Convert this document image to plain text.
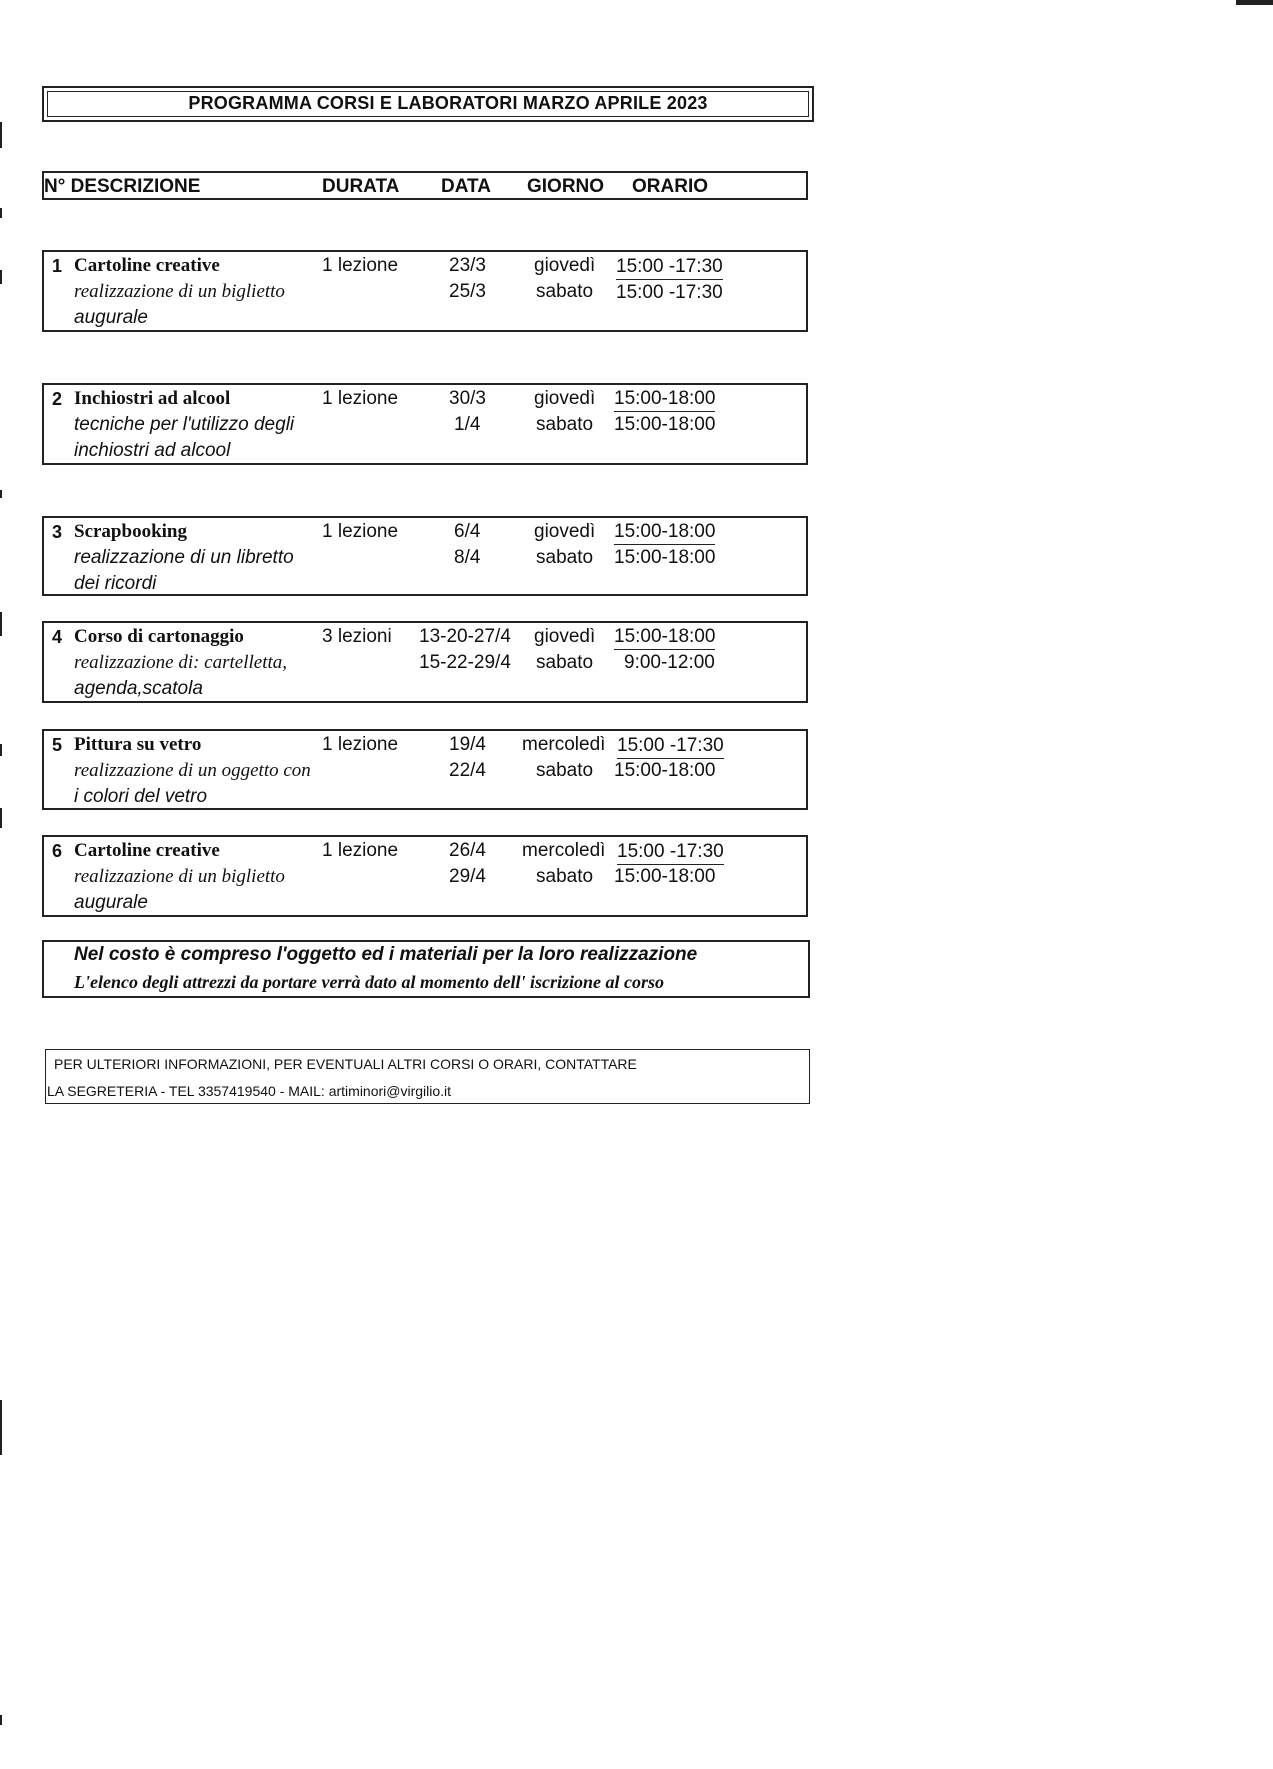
PROGRAMMA CORSI E LABORATORI MARZO APRILE 2023
N° DESCRIZIONE	DURATA DATA GIORNO ORARIO
1 Cartoline creative
realizzazione di un biglietto
augurale
1 lezione	23/3	giovedì 15:00 -17:30
25/3	sabato 15:00 -17:30
2 Inchiostri ad alcool
tecniche per l'utilizzo degli
inchiostri ad alcool
1 lezione	30/3	giovedì 15:00-18:00
1/4	sabato 15:00-18:00
3 Scrapbooking
realizzazione di un libretto
dei ricordi
1 lezione	6/4	giovedì 15:00-18:00
8/4	sabato 15:00-18:00
4 Corso di cartonaggio
realizzazione di: cartelletta,
agenda,scatola
3 lezioni 13-20-27/4 giovedì 15:00-18:00
15-22-29/4 sabato 9:00-12:00
5 Pittura su vetro
realizzazione di un oggetto con
i colori del vetro
1 lezione	19/4 mercoledì 15:00 -17:30
22/4	sabato 15:00-18:00
6 Cartoline creative
realizzazione di un biglietto
augurale
1 lezione	26/4 mercoledì 15:00 -17:30
29/4	sabato 15:00-18:00
Nel costo è compreso l'oggetto ed i materiali per la loro realizzazione
L'elenco degli attrezzi da portare verrà dato al momento dell' iscrizione al corso
PER ULTERIORI INFORMAZIONI, PER EVENTUALI ALTRI CORSI O ORARI, CONTATTARE
LA SEGRETERIA - TEL 3357419540 - MAIL: artiminori@virgilio.it
